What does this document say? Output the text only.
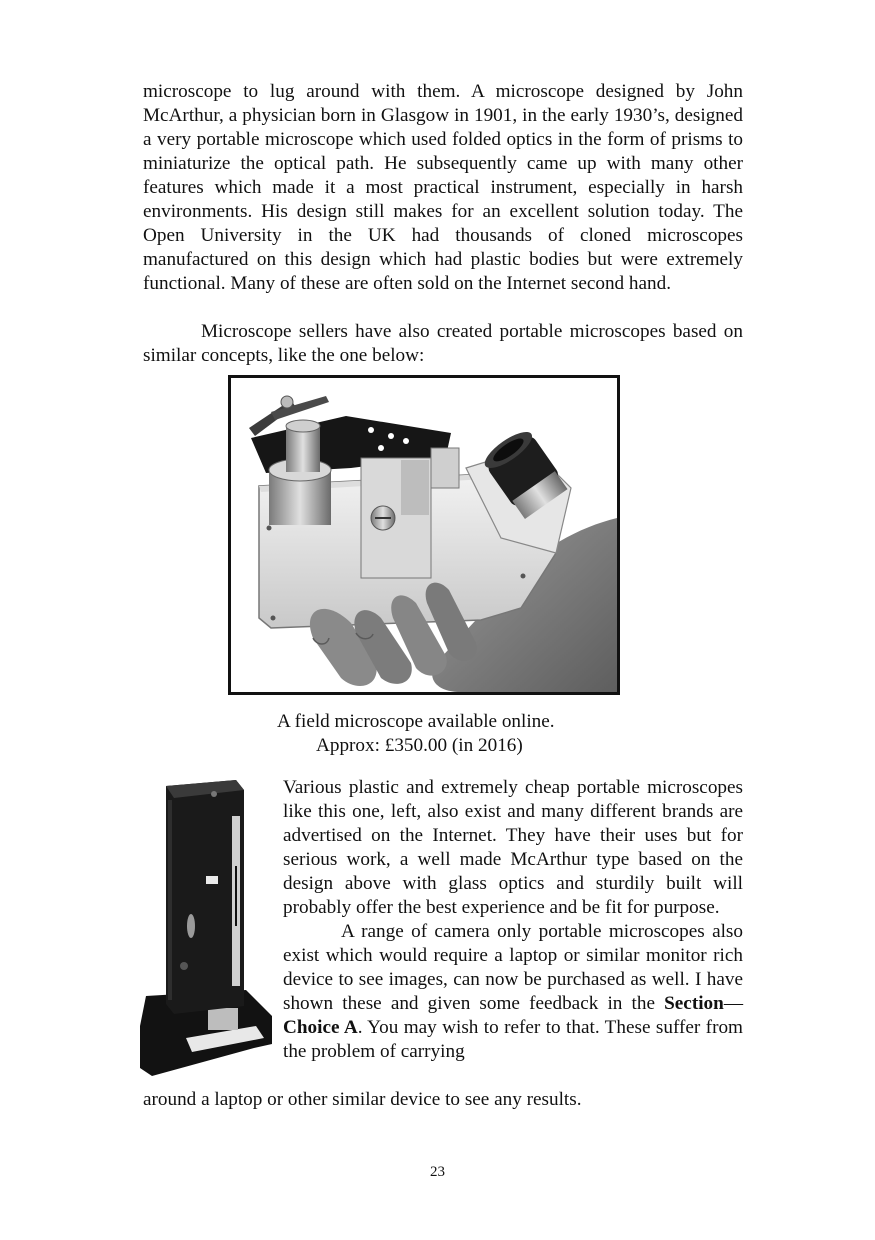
microscope to lug around with them. A microscope designed by John McArthur, a physician born in Glasgow in 1901, in the early 1930’s, designed a very portable microscope which used folded optics in the form of prisms to miniaturize the optical path. He subsequently came up with many other features which made it a most practical instrument, especially in harsh environments. His design still makes for an excellent solution today. The Open University in the UK had thousands of cloned microscopes manufactured on this design which had plastic bodies but were extremely functional. Many of these are often sold on the Internet second hand.

Microscope sellers have also created portable microscopes based on similar concepts, like the one below:

A field microscope available online.
Approx: £350.00 (in 2016)

Various plastic and extremely cheap portable microscopes like this one, left, also exist and many different brands are advertised on the Internet. They have their uses but for serious work, a well made McArthur type based on the design above with glass optics and sturdily built will probably offer the best experience and be fit for purpose.

A range of camera only portable microscopes also exist which would require a laptop or similar monitor rich device to see images, can now be purchased as well. I have shown these and given some feedback in the Section—Choice A. You may wish to refer to that. These suffer from the problem of carrying

around a laptop or other similar device to see any results.
23
